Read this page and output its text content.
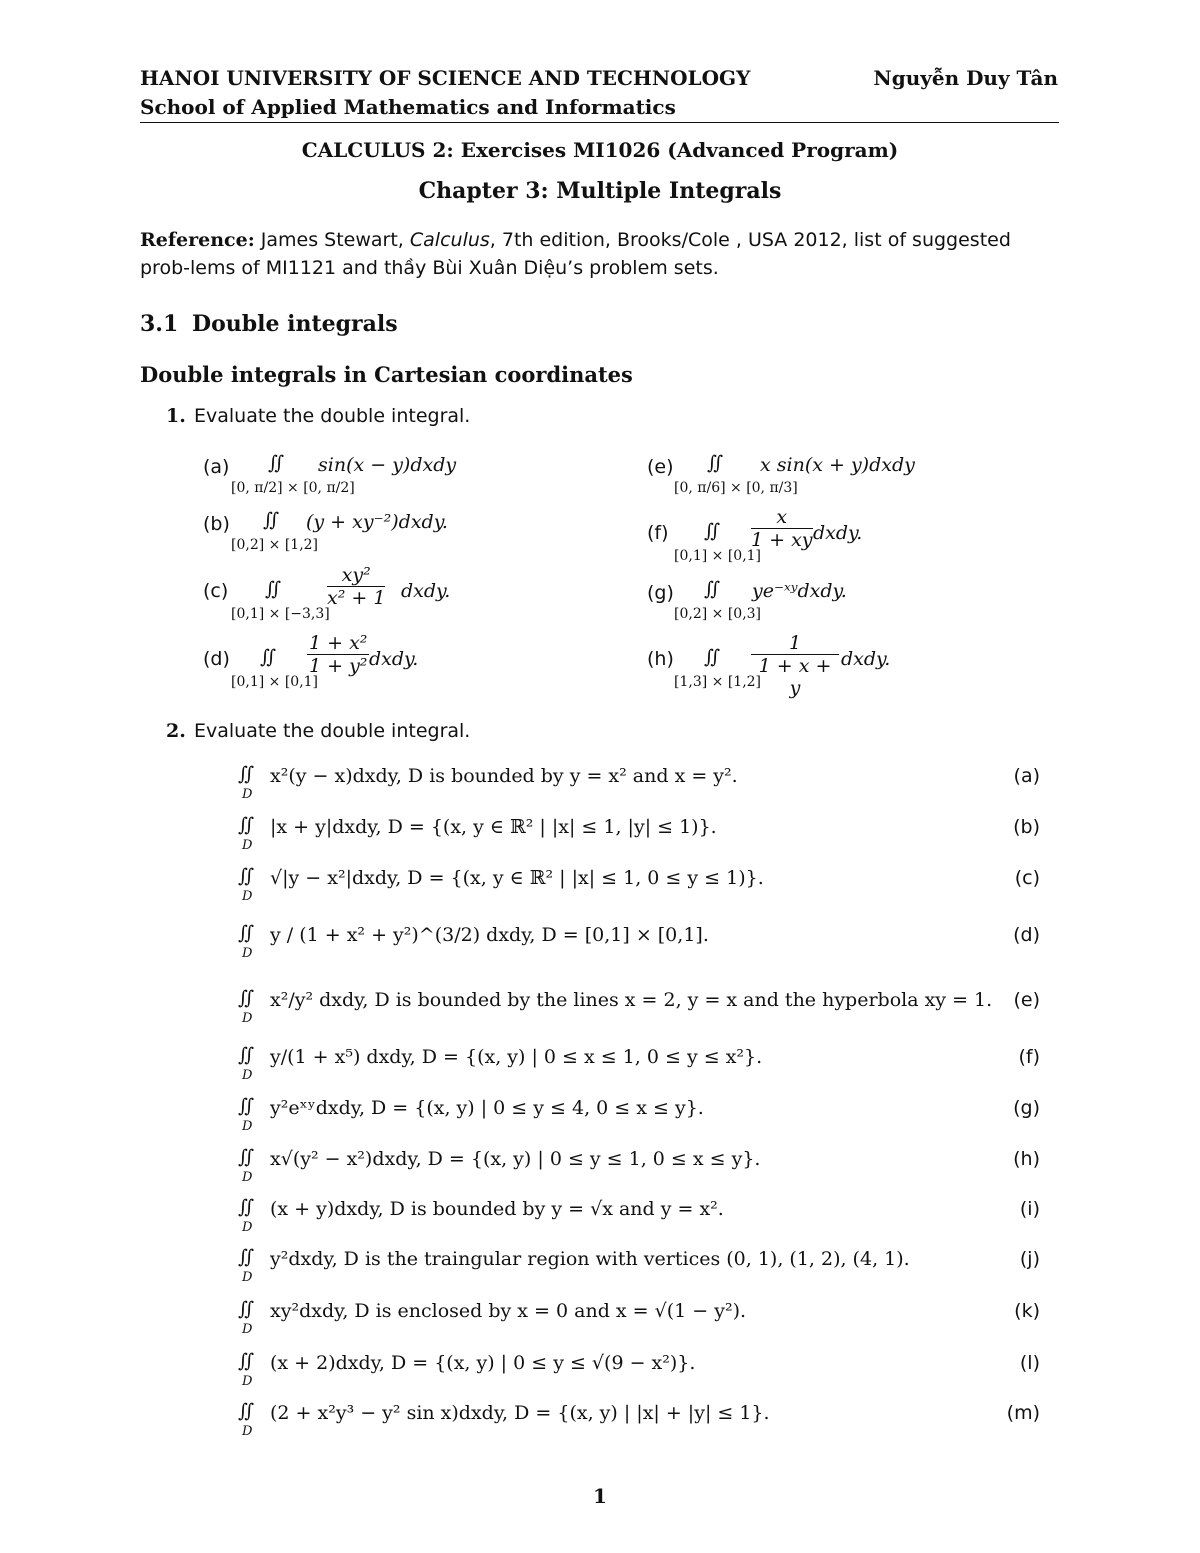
HANOI UNIVERSITY OF SCIENCE AND TECHNOLOGY	Nguyễn Duy Tân
School of Applied Mathematics and Informatics
CALCULUS 2: Exercises MI1026 (Advanced Program)
Chapter 3: Multiple Integrals
Reference: James Stewart, Calculus, 7th edition, Brooks/Cole , USA 2012, list of suggested prob-lems of MI1121 and thầy Bùi Xuân Diệu’s problem sets.
3.1 Double integrals
Double integrals in Cartesian coordinates
1. Evaluate the double integral.
(a) ∬
[0, π/2] × [0, π/2]
sin(x − y)dxdy
(b) ∬
[0,2] × [1,2]
(y + xy⁻²)dxdy.
(c) ∬
[0,1] × [−3,3]
$\frac{\text{xy²}}{\text{x² + 1}}$ dxdy.
(d) ∬
[0,1] × [0,1]
$\frac{\text{1 + x²}}{\text{1 + y²}}$ dxdy.
(e) ∬
[0, π/6] × [0, π/3]
x sin(x + y)dxdy
(f) ∬
[0,1] × [0,1]
$\frac{x}{1 + xy}$ dxdy.
(g) ∬
[0,2] × [0,3]
ye⁻ˣʸdxdy.
(h) ∬
[1,3] × [1,2]
$\frac{1}{1 + x + y}$ dxdy.
2. Evaluate the double integral.
(a)
∬
D
x²(y − x)dxdy, D is bounded by y = x² and x = y².
(b)
∬
D
|x + y|dxdy, D = {(x, y ∈ ℝ² | |x| ≤ 1, |y| ≤ 1)}.
(c)
∬
D
√|y − x²|dxdy, D = {(x, y ∈ ℝ² | |x| ≤ 1, 0 ≤ y ≤ 1)}.
(d)
∬
D
y / (1 + x² + y²)^(3/2) dxdy, D = [0,1] × [0,1].
(e)
∬
D
x²/y² dxdy, D is bounded by the lines x = 2, y = x and the hyperbola xy = 1.
(f)
∬
D
y/(1 + x⁵) dxdy, D = {(x, y) | 0 ≤ x ≤ 1, 0 ≤ y ≤ x²}.
(g)
∬
D
y²eˣʸdxdy, D = {(x, y) | 0 ≤ y ≤ 4, 0 ≤ x ≤ y}.
(h)
∬
D
x√(y² − x²)dxdy, D = {(x, y) | 0 ≤ y ≤ 1, 0 ≤ x ≤ y}.
(i)
∬
D
(x + y)dxdy, D is bounded by y = √x and y = x².
(j)
∬
D
y²dxdy, D is the traingular region with vertices (0, 1), (1, 2), (4, 1).
(k)
∬
D
xy²dxdy, D is enclosed by x = 0 and x = √(1 − y²).
(l)
∬
D
(x + 2)dxdy, D = {(x, y) | 0 ≤ y ≤ √(9 − x²)}.
(m)
∬
D
(2 + x²y³ − y² sin x)dxdy, D = {(x, y) | |x| + |y| ≤ 1}.
1
